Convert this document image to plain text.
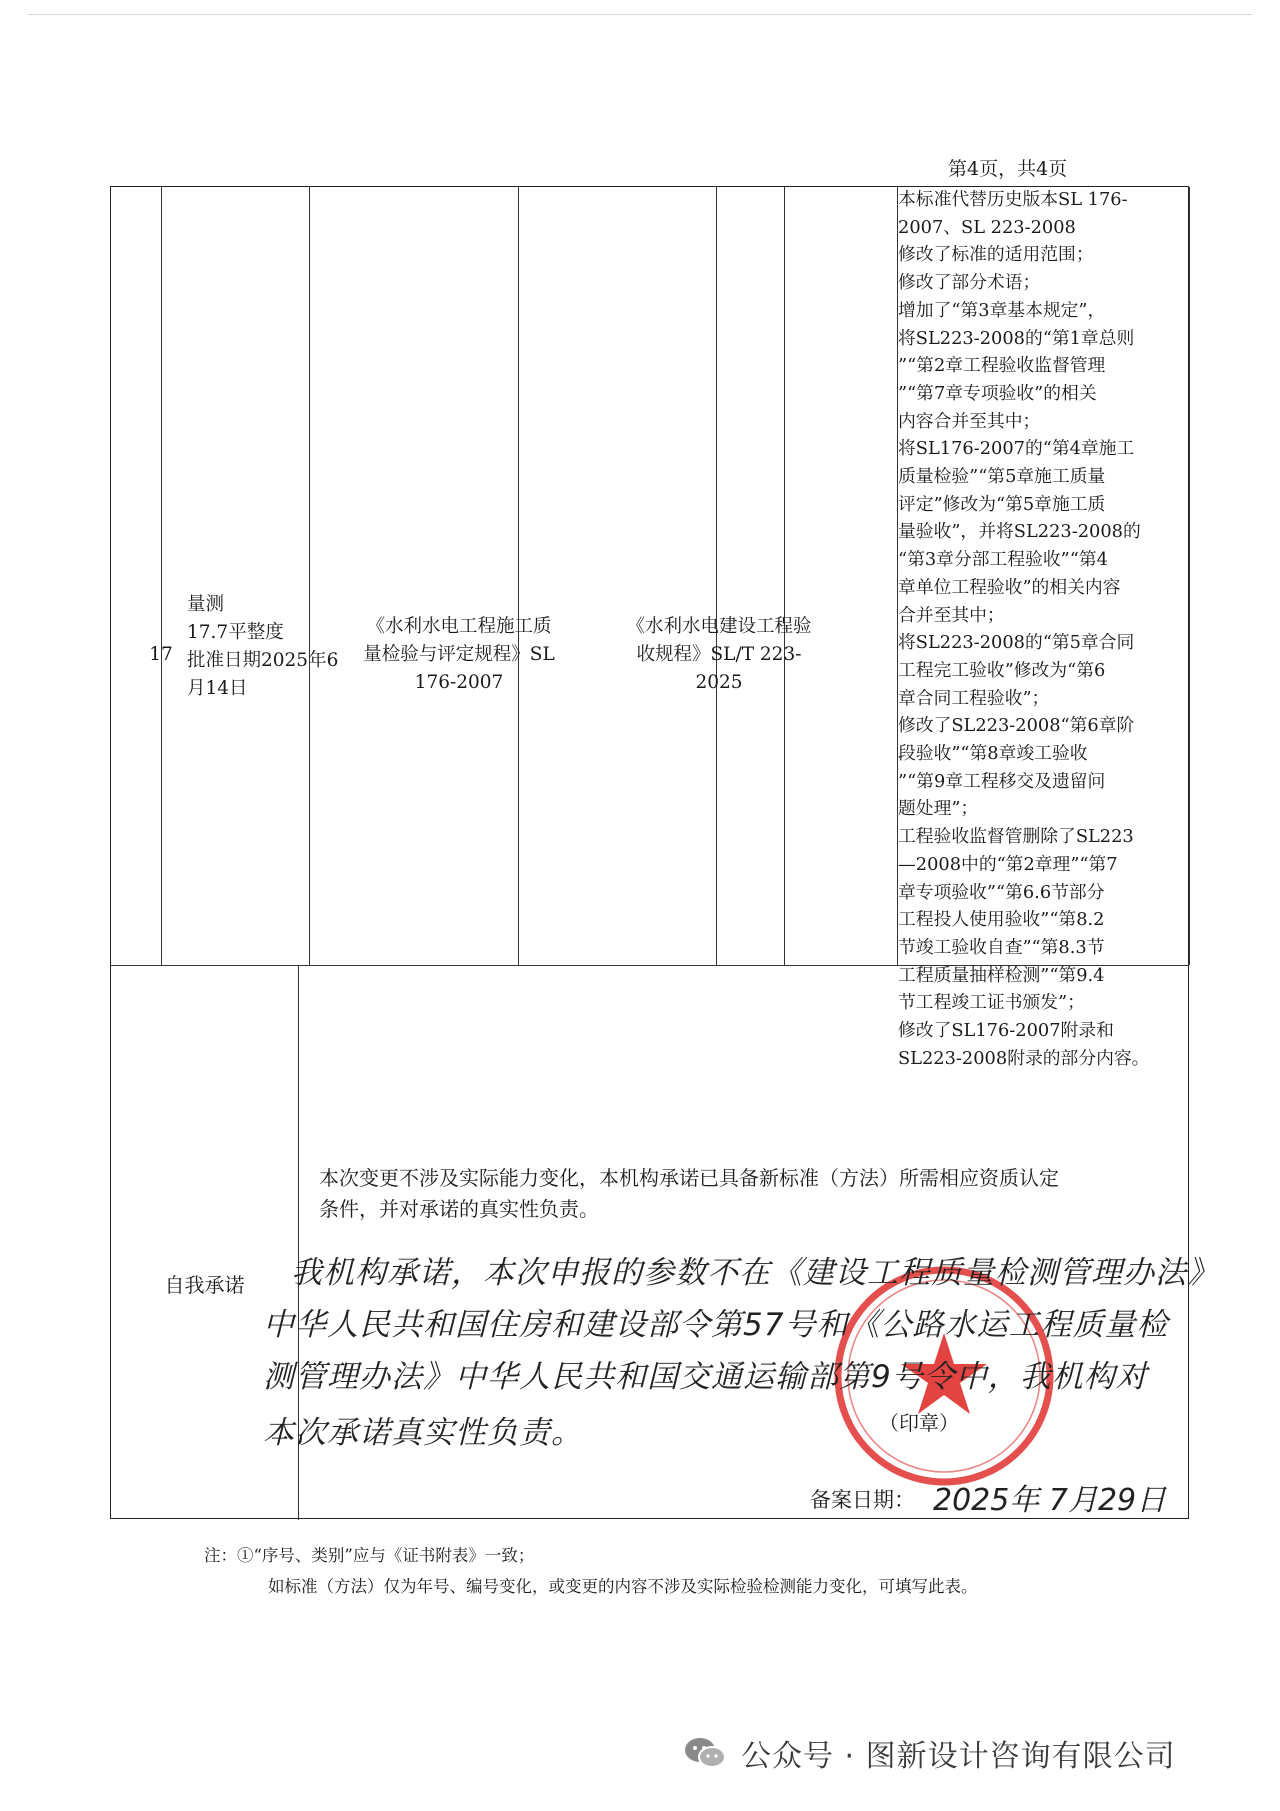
第4页，共4页
17
量测
17.7平整度
批准日期2025年6
月14日
《水利水电工程施工质
量检验与评定规程》SL
176-2007
《水利水电建设工程验
收规程》SL/T 223-
2025
本标准代替历史版本SL 176-
2007、SL 223-2008
修改了标准的适用范围；
修改了部分术语；
增加了“第3章基本规定”，
将SL223-2008的“第1章总则
”“第2章工程验收监督管理
”“第7章专项验收”的相关
内容合并至其中；
将SL176-2007的“第4章施工
质量检验”“第5章施工质量
评定”修改为“第5章施工质
量验收”，并将SL223-2008的
“第3章分部工程验收”“第4
章单位工程验收”的相关内容
合并至其中；
将SL223-2008的“第5章合同
工程完工验收”修改为“第6
章合同工程验收”；
修改了SL223-2008“第6章阶
段验收”“第8章竣工验收
”“第9章工程移交及遗留问
题处理”；
工程验收监督管删除了SL223
—2008中的“第2章理”“第7
章专项验收”“第6.6节部分
工程投人使用验收”“第8.2
节竣工验收自查”“第8.3节
工程质量抽样检测”“第9.4
节工程竣工证书颁发”；
修改了SL176-2007附录和
SL223-2008附录的部分内容。
自我承诺
本次变更不涉及实际能力变化，本机构承诺已具备新标准（方法）所需相应资质认定
条件，并对承诺的真实性负责。
我机构承诺，本次申报的参数不在《建设工程质量检测管理办法》
中华人民共和国住房和建设部令第57号和《公路水运工程质量检
测管理办法》中华人民共和国交通运输部第9号令中，我机构对
本次承诺真实性负责。	（印章）
备案日期： 2025年 7月29日
注：①“序号、类别”应与《证书附表》一致；
如标准（方法）仅为年号、编号变化，或变更的内容不涉及实际检验检测能力变化，可填写此表。
公众号 · 图新设计咨询有限公司
